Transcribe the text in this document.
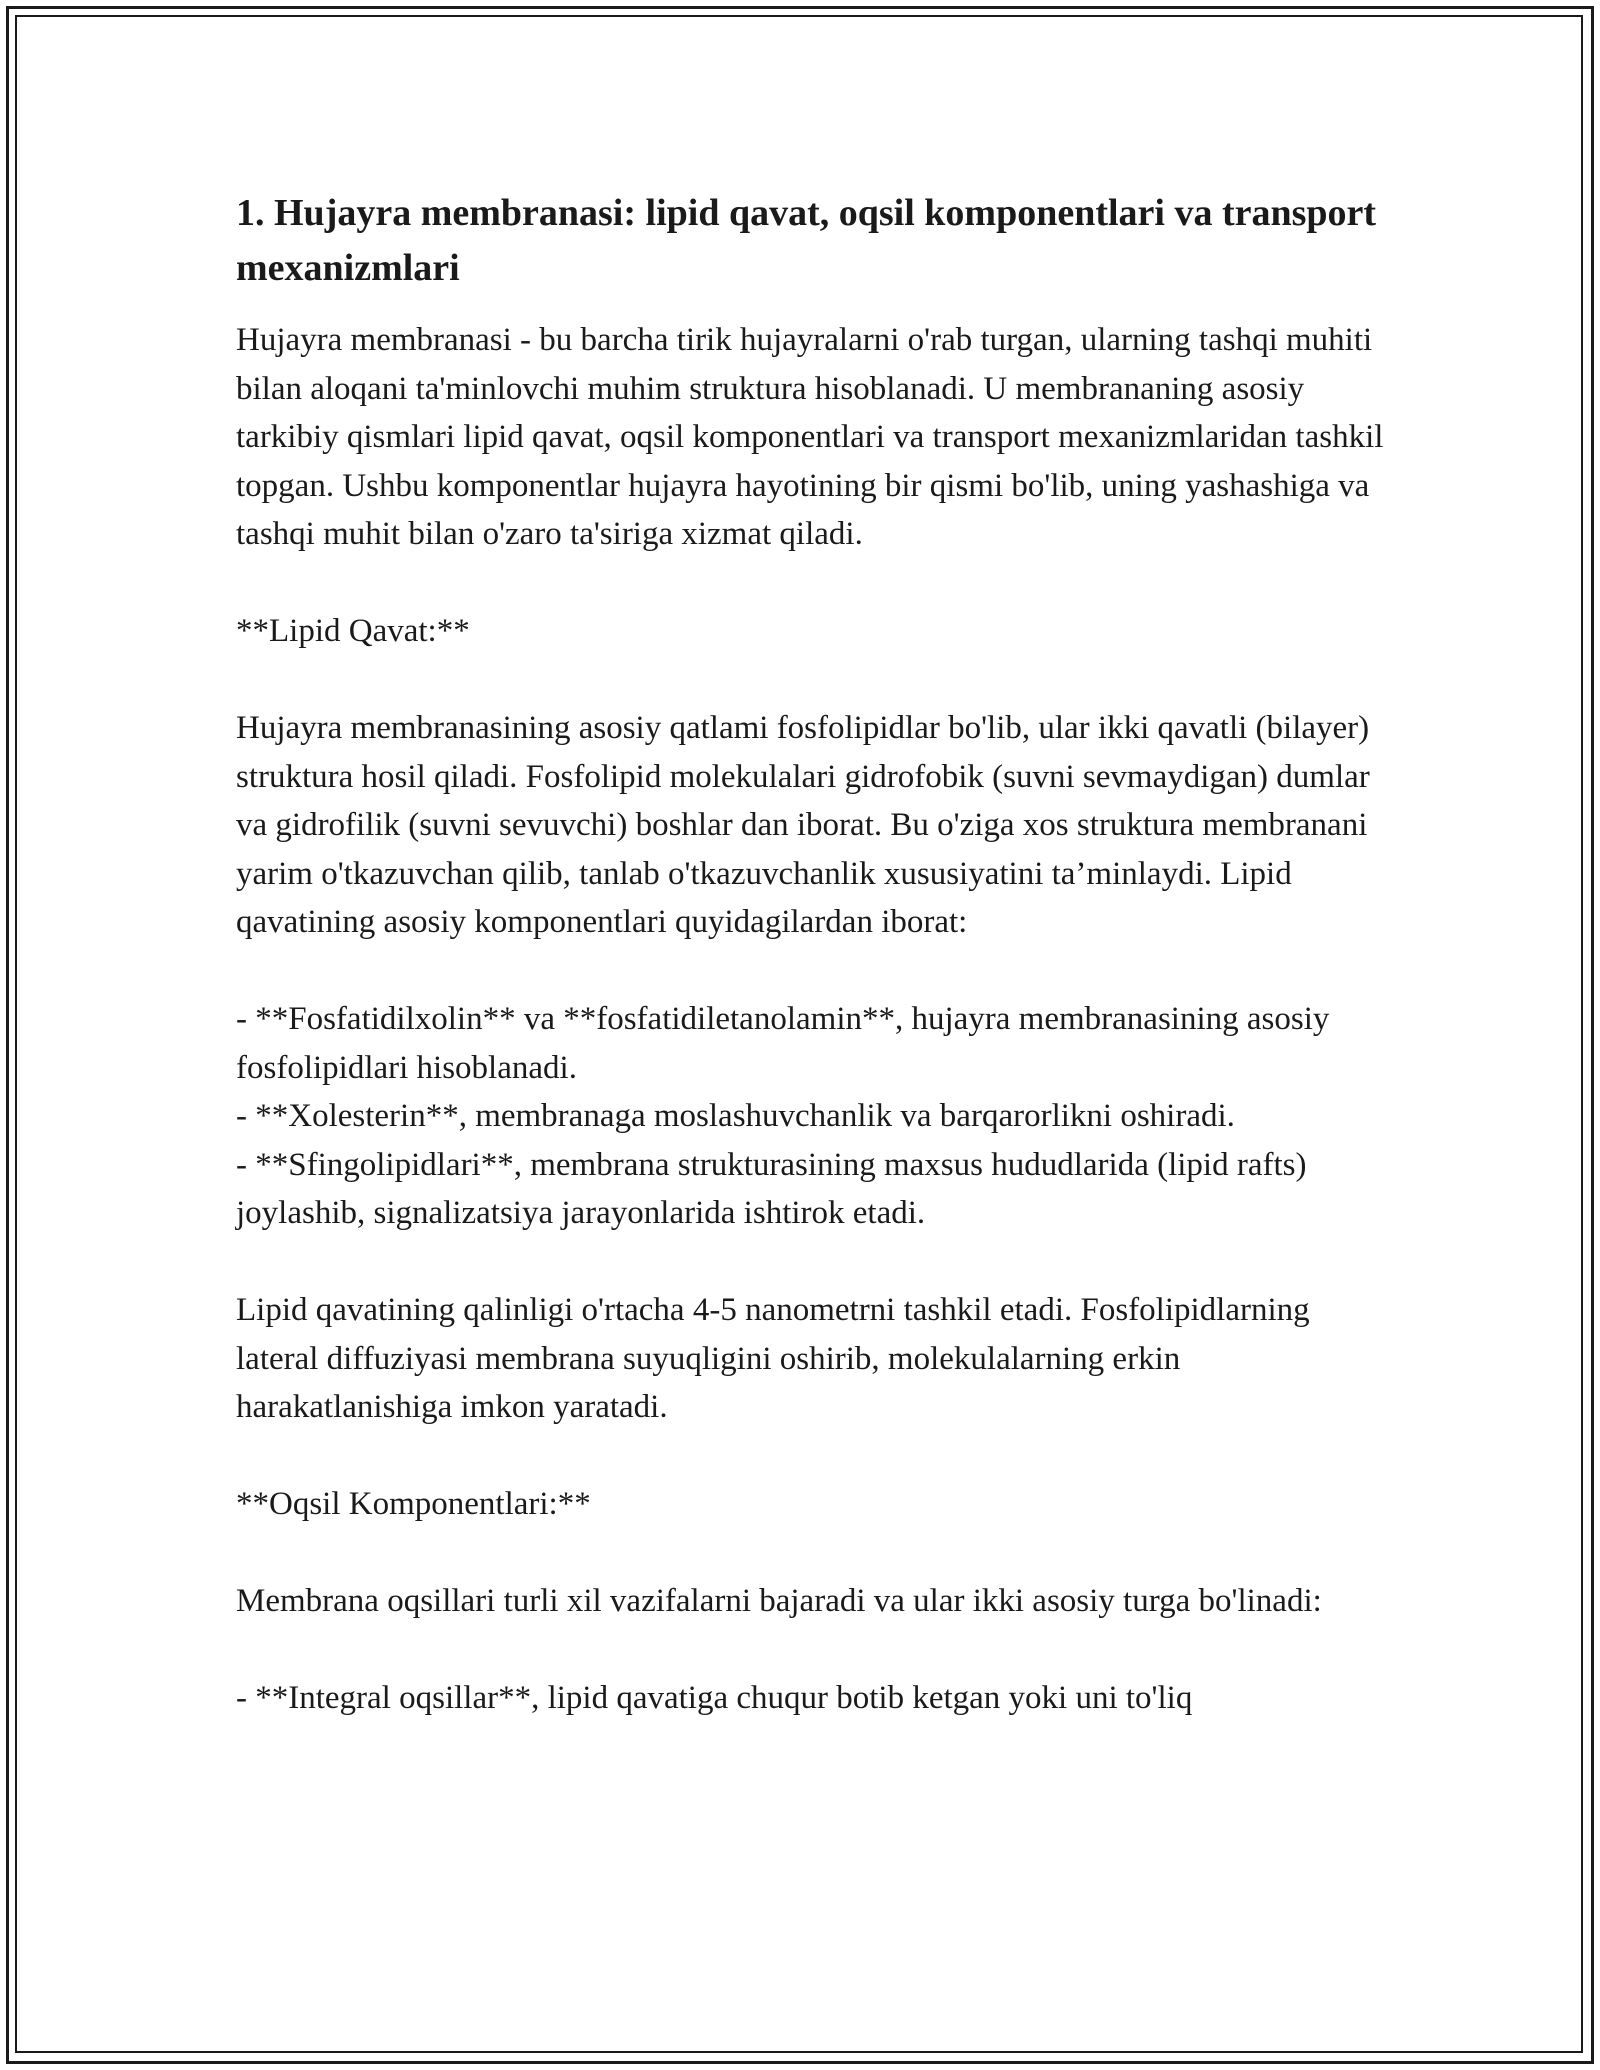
1. Hujayra membranasi: lipid qavat, oqsil komponentlari va transport mexanizmlari

Hujayra membranasi - bu barcha tirik hujayralarni o'rab turgan, ularning tashqi muhiti bilan aloqani ta'minlovchi muhim struktura hisoblanadi. U membrananing asosiy tarkibiy qismlari lipid qavat, oqsil komponentlari va transport mexanizmlaridan tashkil topgan. Ushbu komponentlar hujayra hayotining bir qismi bo'lib, uning yashashiga va tashqi muhit bilan o'zaro ta'siriga xizmat qiladi.

**Lipid Qavat:**

Hujayra membranasining asosiy qatlami fosfolipidlar bo'lib, ular ikki qavatli (bilayer) struktura hosil qiladi. Fosfolipid molekulalari gidrofobik (suvni sevmaydigan) dumlar va gidrofilik (suvni sevuvchi) boshlar dan iborat. Bu o'ziga xos struktura membranani yarim o'tkazuvchan qilib, tanlab o'tkazuvchanlik xususiyatini ta’minlaydi. Lipid qavatining asosiy komponentlari quyidagilardan iborat:

- **Fosfatidilxolin** va **fosfatidiletanolamin**, hujayra membranasining asosiy fosfolipidlari hisoblanadi.

- **Xolesterin**, membranaga moslashuvchanlik va barqarorlikni oshiradi.

- **Sfingolipidlari**, membrana strukturasining maxsus hududlarida (lipid rafts) joylashib, signalizatsiya jarayonlarida ishtirok etadi.

Lipid qavatining qalinligi o'rtacha 4-5 nanometrni tashkil etadi. Fosfolipidlarning lateral diffuziyasi membrana suyuqligini oshirib, molekulalarning erkin harakatlanishiga imkon yaratadi.

**Oqsil Komponentlari:**

Membrana oqsillari turli xil vazifalarni bajaradi va ular ikki asosiy turga bo'linadi:

- **Integral oqsillar**, lipid qavatiga chuqur botib ketgan yoki uni to'liq
